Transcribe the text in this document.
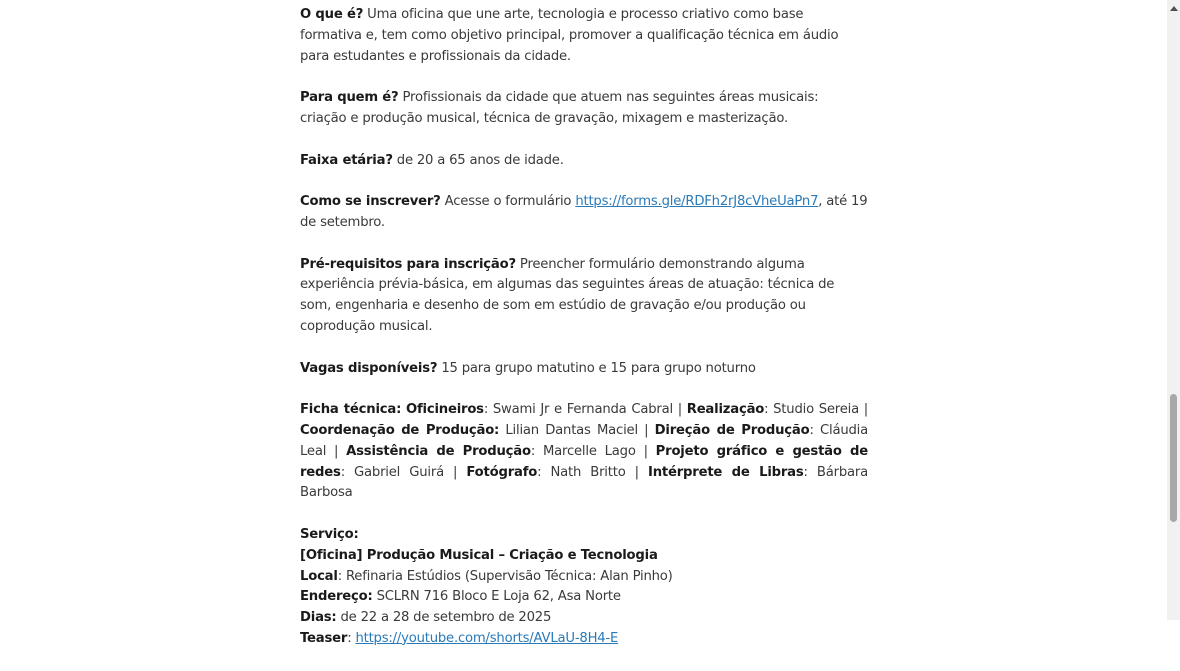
O que é? Uma oficina que une arte, tecnologia e processo criativo como base formativa e, tem como objetivo principal, promover a qualificação técnica em áudio para estudantes e profissionais da cidade.

Para quem é? Profissionais da cidade que atuem nas seguintes áreas musicais: criação e produção musical, técnica de gravação, mixagem e masterização.

Faixa etária? de 20 a 65 anos de idade.

Como se inscrever? Acesse o formulário https://forms.gle/RDFh2rJ8cVheUaPn7, até 19 de setembro.

Pré-requisitos para inscrição? Preencher formulário demonstrando alguma experiência prévia-básica, em algumas das seguintes áreas de atuação: técnica de som, engenharia e desenho de som em estúdio de gravação e/ou produção ou coprodução musical.

Vagas disponíveis? 15 para grupo matutino e 15 para grupo noturno

Ficha técnica: Oficineiros: Swami Jr e Fernanda Cabral | Realização: Studio Sereia | Coordenação de Produção: Lilian Dantas Maciel | Direção de Produção: Cláudia Leal | Assistência de Produção: Marcelle Lago | Projeto gráfico e gestão de redes: Gabriel Guirá | Fotógrafo: Nath Britto | Intérprete de Libras: Bárbara Barbosa

Serviço:
[Oficina] Produção Musical – Criação e Tecnologia
Local: Refinaria Estúdios (Supervisão Técnica: Alan Pinho)
Endereço: SCLRN 716 Bloco E Loja 62, Asa Norte
Dias: de 22 a 28 de setembro de 2025
Teaser: https://youtube.com/shorts/AVLaU-8H4-E
